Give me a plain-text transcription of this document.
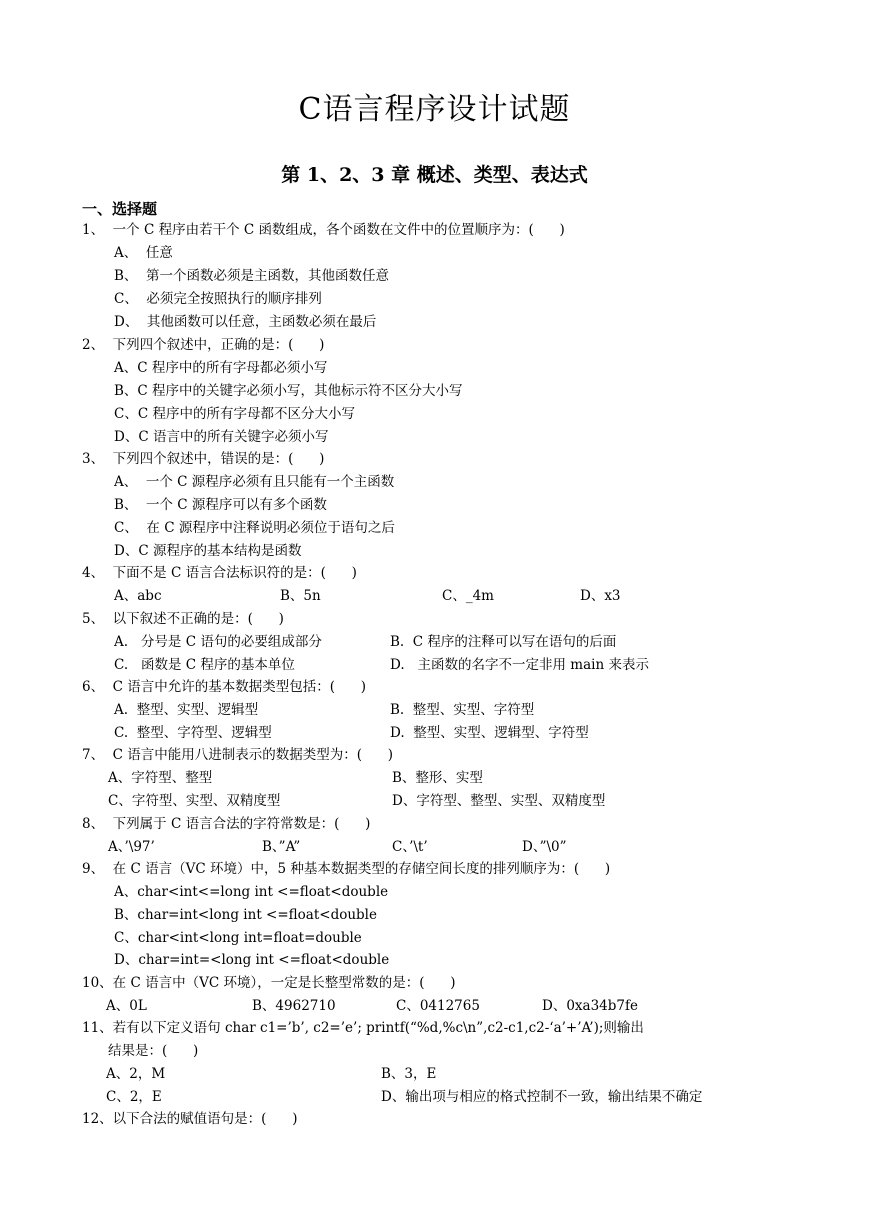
C语言程序设计试题
第 1、2、3 章 概述、类型、表达式
一、选择题
1、  一个 C 程序由若干个 C 函数组成，各个函数在文件中的位置顺序为：(      )
A、  任意
B、  第一个函数必须是主函数，其他函数任意
C、  必须完全按照执行的顺序排列
D、  其他函数可以任意，主函数必须在最后
2、  下列四个叙述中，正确的是：(      )
A、C 程序中的所有字母都必须小写
B、C 程序中的关键字必须小写，其他标示符不区分大小写
C、C 程序中的所有字母都不区分大小写
D、C 语言中的所有关键字必须小写
3、  下列四个叙述中，错误的是：(      )
A、  一个 C 源程序必须有且只能有一个主函数
B、  一个 C 源程序可以有多个函数
C、  在 C 源程序中注释说明必须位于语句之后
D、C 源程序的基本结构是函数
4、  下面不是 C 语言合法标识符的是：(      )
A、abc	B、5n	C、_4m	D、x3
5、  以下叙述不正确的是：(      )
A.   分号是 C 语句的必要组成部分	B.  C 程序的注释可以写在语句的后面
C.   函数是 C 程序的基本单位	D.   主函数的名字不一定非用 main 来表示
6、  C 语言中允许的基本数据类型包括：(      )
A.  整型、实型、逻辑型	B.  整型、实型、字符型
C.  整型、字符型、逻辑型	D.  整型、实型、逻辑型、字符型
7、  C 语言中能用八进制表示的数据类型为：(      )
A、字符型、整型	B、整形、实型
C、字符型、实型、双精度型	D、字符型、整型、实型、双精度型
8、  下列属于 C 语言合法的字符常数是：(      )
A、’\97’	B、”A”	C、’\t’	D、”\0”
9、  在 C 语言（VC 环境）中，5 种基本数据类型的存储空间长度的排列顺序为：(      )
A、char<int<=long int <=float<double
B、char=int<long int <=float<double
C、char<int<long int=float=double
D、char=int=<long int <=float<double
10、在 C 语言中（VC 环境），一定是长整型常数的是：(      )
A、0L	B、4962710	C、0412765	D、0xa34b7fe
11、若有以下定义语句 char c1=’b’, c2=’e’; printf(“%d,%c\n”,c2-c1,c2-‘a’+’A’);则输出
结果是：(      )
A、2，M	B、3，E
C、2，E	D、输出项与相应的格式控制不一致，输出结果不确定
12、以下合法的赋值语句是：(      )
